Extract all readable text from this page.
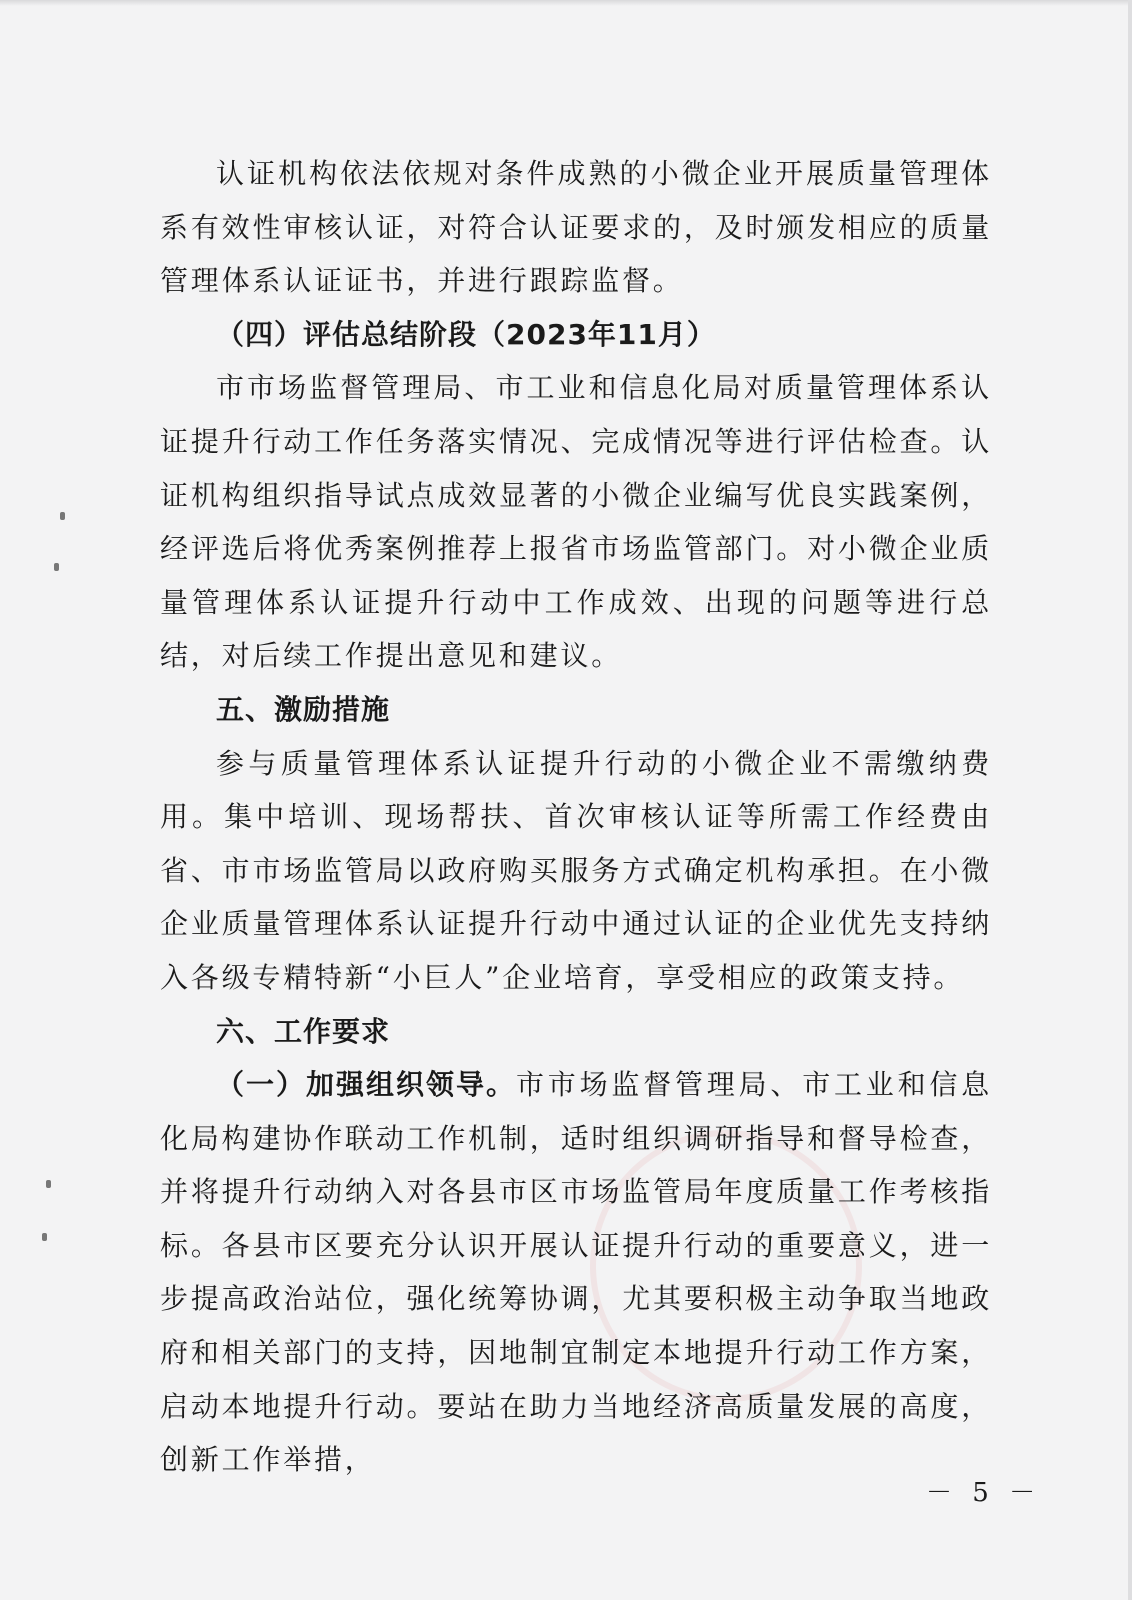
认证机构依法依规对条件成熟的小微企业开展质量管理体系有效性审核认证，对符合认证要求的，及时颁发相应的质量管理体系认证证书，并进行跟踪监督。

（四）评估总结阶段（2023年11月）

市市场监督管理局、市工业和信息化局对质量管理体系认证提升行动工作任务落实情况、完成情况等进行评估检查。认证机构组织指导试点成效显著的小微企业编写优良实践案例，经评选后将优秀案例推荐上报省市场监管部门。对小微企业质量管理体系认证提升行动中工作成效、出现的问题等进行总结，对后续工作提出意见和建议。

五、激励措施

参与质量管理体系认证提升行动的小微企业不需缴纳费用。集中培训、现场帮扶、首次审核认证等所需工作经费由省、市市场监管局以政府购买服务方式确定机构承担。在小微企业质量管理体系认证提升行动中通过认证的企业优先支持纳入各级专精特新“小巨人”企业培育，享受相应的政策支持。

六、工作要求

（一）加强组织领导。市市场监督管理局、市工业和信息化局构建协作联动工作机制，适时组织调研指导和督导检查，并将提升行动纳入对各县市区市场监管局年度质量工作考核指标。各县市区要充分认识开展认证提升行动的重要意义，进一步提高政治站位，强化统筹协调，尤其要积极主动争取当地政府和相关部门的支持，因地制宜制定本地提升行动工作方案，启动本地提升行动。要站在助力当地经济高质量发展的高度，创新工作举措，

－ 5 －
